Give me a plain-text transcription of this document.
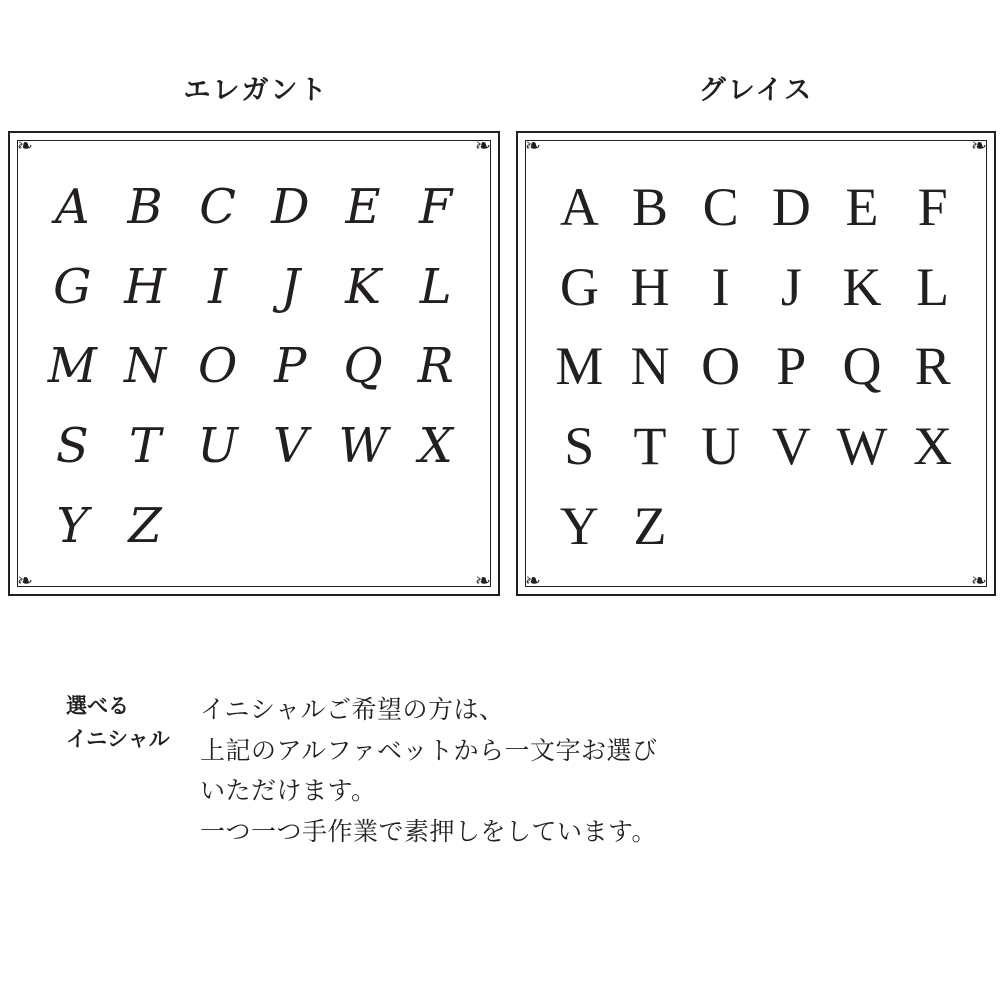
エレガント	グレイス
❧	❧
❧	❧
A B C D E F
G H I J K L
M N O P Q R
S T U V W X
Y Z
❧	❧
❧	❧
A B C D E F
G H I J K L
M N O P Q R
S T U V W X
Y Z
選べる
イニシャル
イニシャルご希望の方は、
上記のアルファベットから一文字お選び
いただけます。
一つ一つ手作業で素押しをしています。
